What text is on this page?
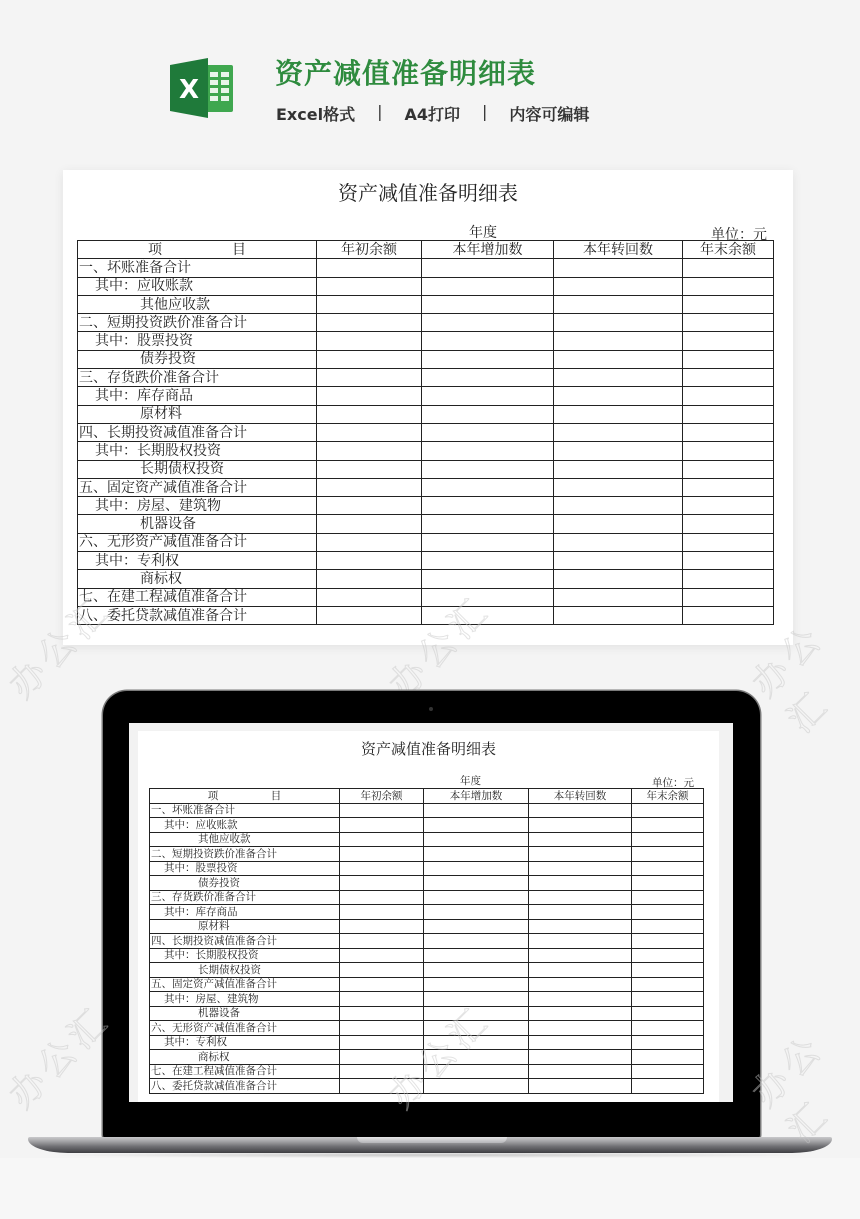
X	资产减值准备明细表
Excel格式 | A4打印 | 内容可编辑
资产减值准备明细表
年度	单位：元
项　　　　　目	年初余额	本年增加数	本年转回数	年末余额
一、坏账准备合计				
其中：应收账款				
其他应收款				
二、短期投资跌价准备合计				
其中：股票投资				
债券投资				
三、存货跌价准备合计				
其中：库存商品				
原材料				
四、长期投资减值准备合计				
其中：长期股权投资				
长期债权投资				
五、固定资产减值准备合计				
其中：房屋、建筑物				
机器设备				
六、无形资产减值准备合计				
其中：专利权				
商标权				
七、在建工程减值准备合计				
八、委托贷款减值准备合计				
资产减值准备明细表
年度	单位：元
项　　　　　目	年初余额	本年增加数	本年转回数	年末余额
一、坏账准备合计				
其中：应收账款				
其他应收款				
二、短期投资跌价准备合计				
其中：股票投资				
债券投资				
三、存货跌价准备合计				
其中：库存商品				
原材料				
四、长期投资减值准备合计				
其中：长期股权投资				
长期债权投资				
五、固定资产减值准备合计				
其中：房屋、建筑物				
机器设备				
六、无形资产减值准备合计				
其中：专利权				
商标权				
七、在建工程减值准备合计				
八、委托贷款减值准备合计				
